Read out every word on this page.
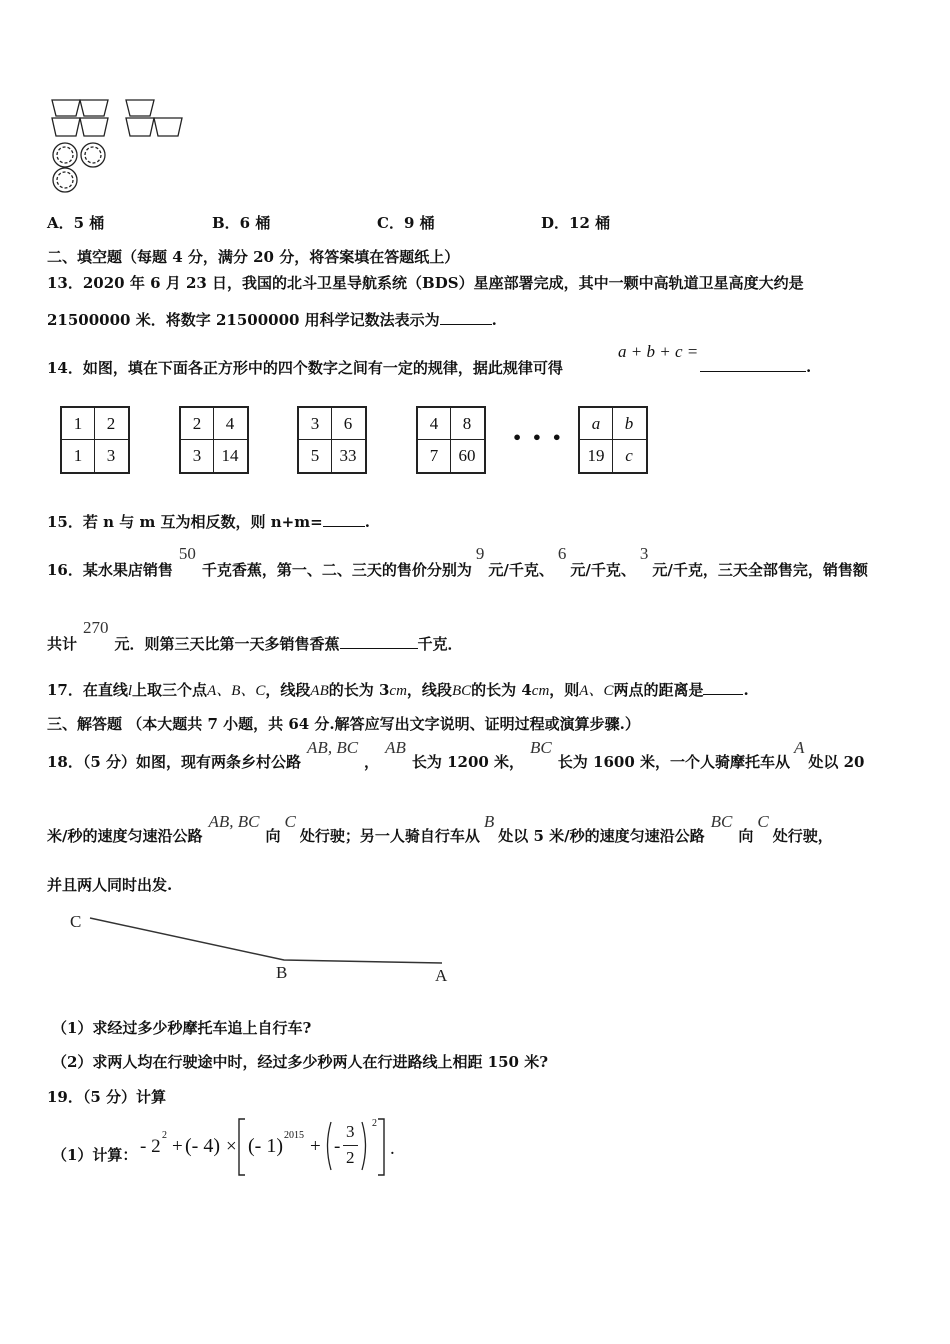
A．5 桶	B．6 桶	C．9 桶	D．12 桶
二、填空题（每题 4 分，满分 20 分，将答案填在答题纸上）
13．2020 年 6 月 23 日，我国的北斗卫星导航系统（BDS）星座部署完成，其中一颗中高轨道卫星高度大约是
21500000 米．将数字 21500000 用科学记数法表示为	.
14．如图，填在下面各正方形中的四个数字之间有一定的规律，据此规律可得
a + b + c =
.
1	2
1	3
2	4
3	14
3	6
5	33
4	8
7	60
• • •
a	b
19	c
15．若 n 与 m 互为相反数，则 n+m=	.
16．某水果店销售50千克香蕉，第一、二、三天的售价分别为9元/千克、6元/千克、3元/千克，三天全部售完，销售额
共计270元．则第三天比第一天多销售香蕉	千克．
17．在直线l上取三个点A、B、C，线段AB的长为 3cm，线段BC的长为 4cm，则A、C两点的距离是	.
三、解答题 （本大题共 7 小题，共 64 分.解答应写出文字说明、证明过程或演算步骤.）
18．（5 分）如图，现有两条乡村公路AB, BC，AB长为 1200 米，BC长为 1600 米，一个人骑摩托车从A处以 20
米/秒的速度匀速沿公路AB, BC向C处行驶；另一人骑自行车从B处以 5 米/秒的速度匀速沿公路BC向C处行驶，
并且两人同时出发.
C
B	A
（1）求经过多少秒摩托车追上自行车?
（2）求两人均在行驶途中时，经过多少秒两人在行进路线上相距 150 米?
19．（5 分）计算
（1）计算： - 2
2
+ (- 4) × (- 1) 2015
+ -
3
2
2
.
